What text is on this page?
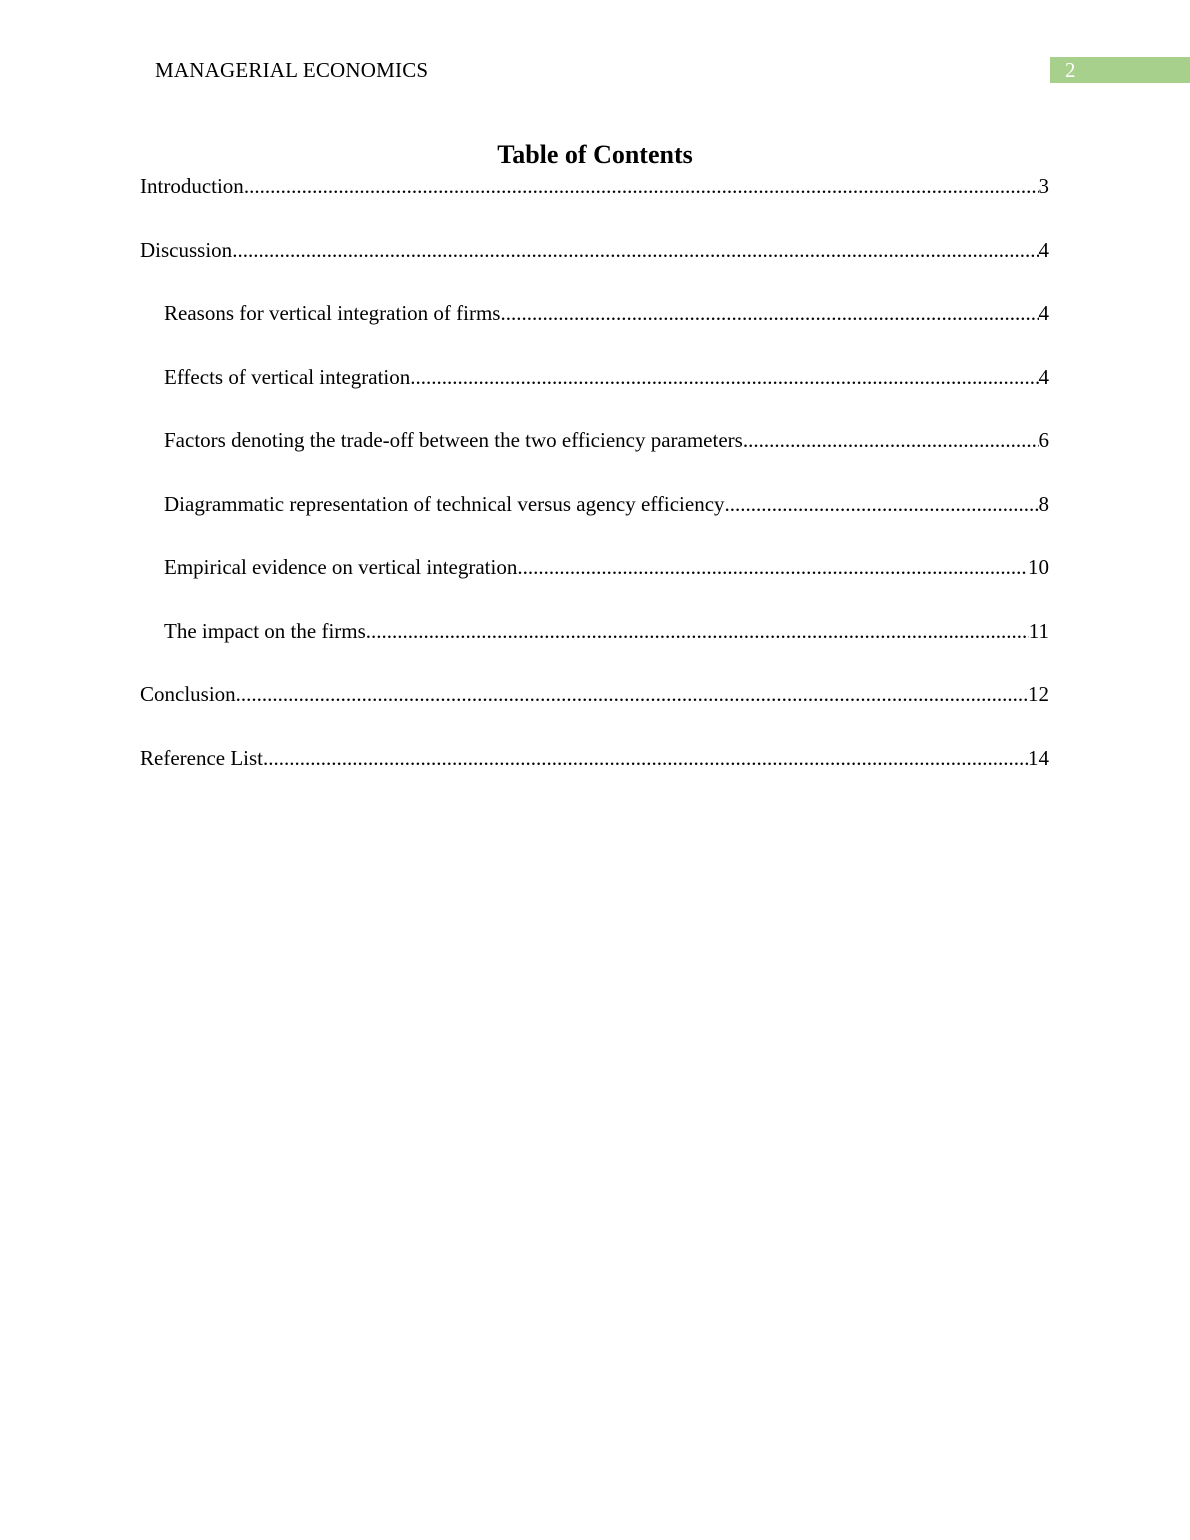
MANAGERIAL ECONOMICS	2
Table of Contents
Introduction .....	3
Discussion .....	4
Reasons for vertical integration of firms .....	4
Effects of vertical integration .....	4
Factors denoting the trade-off between the two efficiency parameters .....	6
Diagrammatic representation of technical versus agency efficiency .....	8
Empirical evidence on vertical integration .....	10
The impact on the firms .....	11
Conclusion .....	12
Reference List .....	14
